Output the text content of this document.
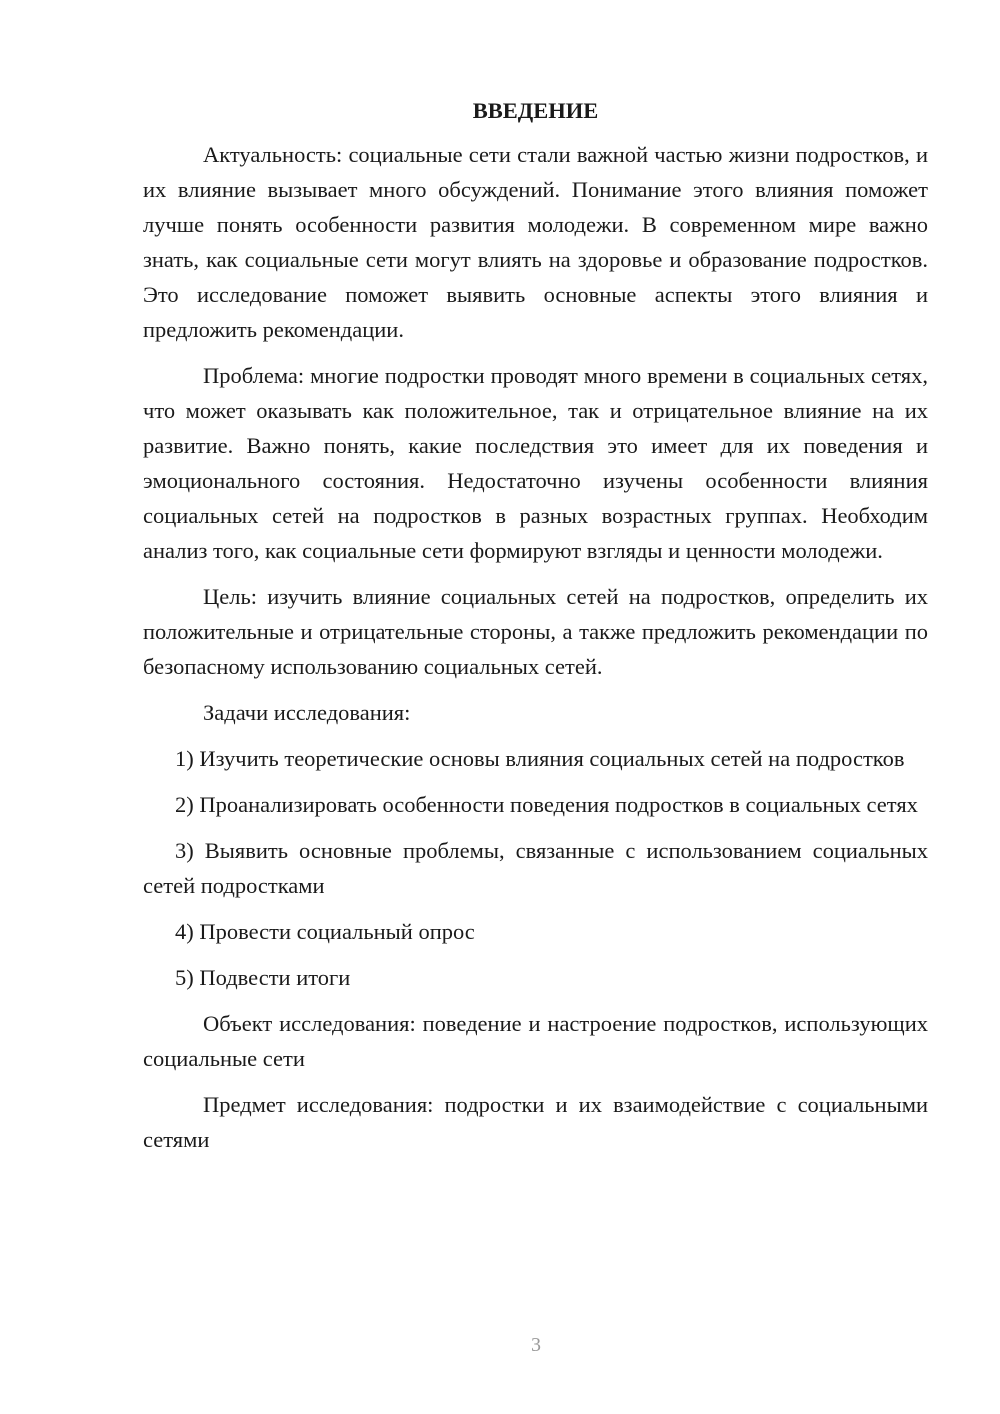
ВВЕДЕНИЕ

Актуальность: социальные сети стали важной частью жизни подростков, и их влияние вызывает много обсуждений. Понимание этого влияния поможет лучше понять особенности развития молодежи. В современном мире важно знать, как социальные сети могут влиять на здоровье и образование подростков. Это исследование поможет выявить основные аспекты этого влияния и предложить рекомендации.

Проблема: многие подростки проводят много времени в социальных сетях, что может оказывать как положительное, так и отрицательное влияние на их развитие. Важно понять, какие последствия это имеет для их поведения и эмоционального состояния. Недостаточно изучены особенности влияния социальных сетей на подростков в разных возрастных группах. Необходим анализ того, как социальные сети формируют взгляды и ценности молодежи.

Цель: изучить влияние социальных сетей на подростков, определить их положительные и отрицательные стороны, а также предложить рекомендации по безопасному использованию социальных сетей.

Задачи исследования:

1) Изучить теоретические основы влияния социальных сетей на подростков

2) Проанализировать особенности поведения подростков в социальных сетях

3) Выявить основные проблемы, связанные с использованием социальных сетей подростками

4) Провести социальный опрос

5) Подвести итоги

Объект исследования: поведение и настроение подростков, использующих социальные сети

Предмет исследования: подростки и их взаимодействие с социальными сетями

3
